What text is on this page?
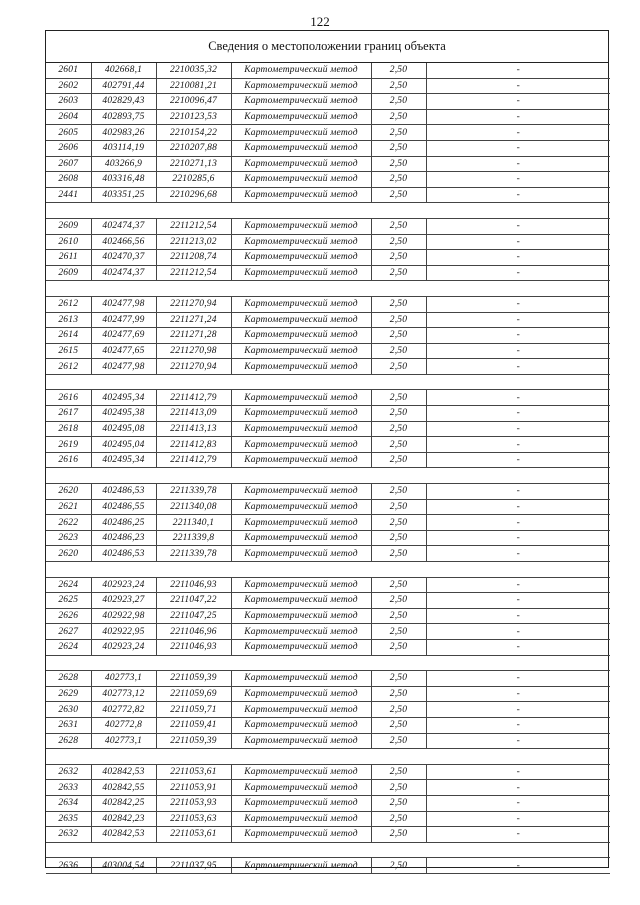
122
Сведения о местоположении границ объекта
2601	402668,1	2210035,32	Картометрический метод	2,50	-
2602	402791,44	2210081,21	Картометрический метод	2,50	-
2603	402829,43	2210096,47	Картометрический метод	2,50	-
2604	402893,75	2210123,53	Картометрический метод	2,50	-
2605	402983,26	2210154,22	Картометрический метод	2,50	-
2606	403114,19	2210207,88	Картометрический метод	2,50	-
2607	403266,9	2210271,13	Картометрический метод	2,50	-
2608	403316,48	2210285,6	Картометрический метод	2,50	-
2441	403351,25	2210296,68	Картометрический метод	2,50	-

2609	402474,37	2211212,54	Картометрический метод	2,50	-
2610	402466,56	2211213,02	Картометрический метод	2,50	-
2611	402470,37	2211208,74	Картометрический метод	2,50	-
2609	402474,37	2211212,54	Картометрический метод	2,50	-

2612	402477,98	2211270,94	Картометрический метод	2,50	-
2613	402477,99	2211271,24	Картометрический метод	2,50	-
2614	402477,69	2211271,28	Картометрический метод	2,50	-
2615	402477,65	2211270,98	Картометрический метод	2,50	-
2612	402477,98	2211270,94	Картометрический метод	2,50	-

2616	402495,34	2211412,79	Картометрический метод	2,50	-
2617	402495,38	2211413,09	Картометрический метод	2,50	-
2618	402495,08	2211413,13	Картометрический метод	2,50	-
2619	402495,04	2211412,83	Картометрический метод	2,50	-
2616	402495,34	2211412,79	Картометрический метод	2,50	-

2620	402486,53	2211339,78	Картометрический метод	2,50	-
2621	402486,55	2211340,08	Картометрический метод	2,50	-
2622	402486,25	2211340,1	Картометрический метод	2,50	-
2623	402486,23	2211339,8	Картометрический метод	2,50	-
2620	402486,53	2211339,78	Картометрический метод	2,50	-

2624	402923,24	2211046,93	Картометрический метод	2,50	-
2625	402923,27	2211047,22	Картометрический метод	2,50	-
2626	402922,98	2211047,25	Картометрический метод	2,50	-
2627	402922,95	2211046,96	Картометрический метод	2,50	-
2624	402923,24	2211046,93	Картометрический метод	2,50	-

2628	402773,1	2211059,39	Картометрический метод	2,50	-
2629	402773,12	2211059,69	Картометрический метод	2,50	-
2630	402772,82	2211059,71	Картометрический метод	2,50	-
2631	402772,8	2211059,41	Картометрический метод	2,50	-
2628	402773,1	2211059,39	Картометрический метод	2,50	-

2632	402842,53	2211053,61	Картометрический метод	2,50	-
2633	402842,55	2211053,91	Картометрический метод	2,50	-
2634	402842,25	2211053,93	Картометрический метод	2,50	-
2635	402842,23	2211053,63	Картометрический метод	2,50	-
2632	402842,53	2211053,61	Картометрический метод	2,50	-

2636	403004,54	2211037,95	Картометрический метод	2,50	-
